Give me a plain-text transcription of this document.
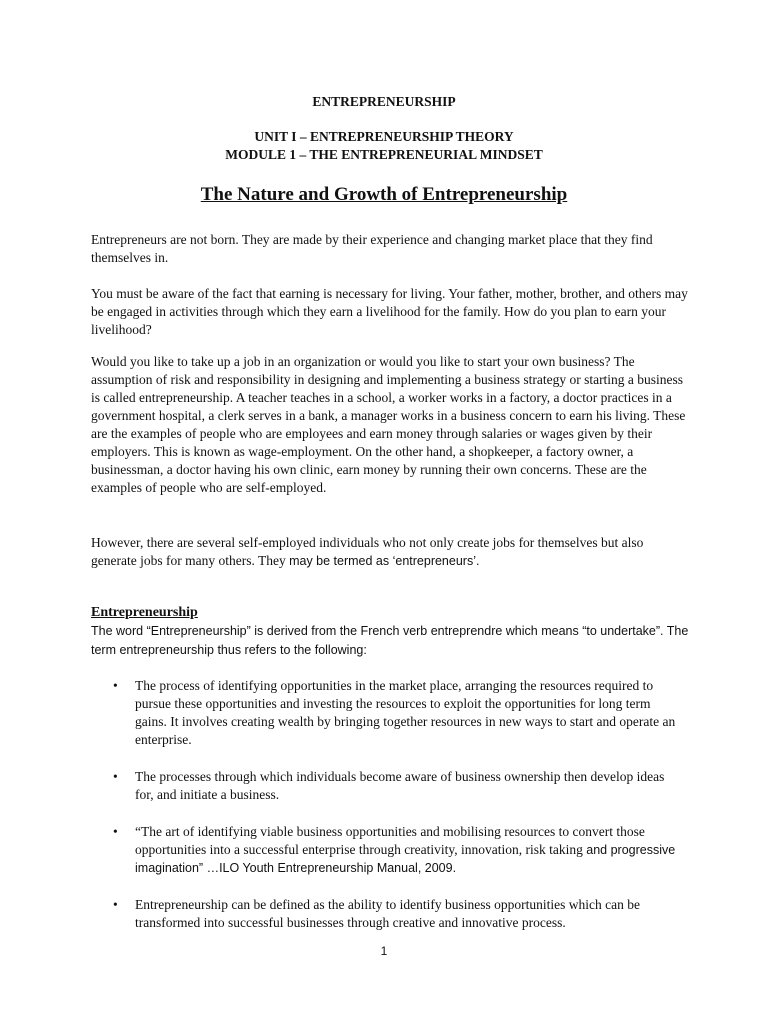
ENTREPRENEURSHIP
UNIT I – ENTREPRENEURSHIP THEORY
MODULE 1 – THE ENTREPRENEURIAL MINDSET
The Nature and Growth of Entrepreneurship

Entrepreneurs are not born. They are made by their experience and changing market place that they find themselves in.

You must be aware of the fact that earning is necessary for living. Your father, mother, brother, and others may be engaged in activities through which they earn a livelihood for the family. How do you plan to earn your livelihood?

Would you like to take up a job in an organization or would you like to start your own business? The assumption of risk and responsibility in designing and implementing a business strategy or starting a business is called entrepreneurship. A teacher teaches in a school, a worker works in a factory, a doctor practices in a government hospital, a clerk serves in a bank, a manager works in a business concern to earn his living. These are the examples of people who are employees and earn money through salaries or wages given by their employers. This is known as wage-employment. On the other hand, a shopkeeper, a factory owner, a businessman, a doctor having his own clinic, earn money by running their own concerns. These are the examples of people who are self-employed.

However, there are several self-employed individuals who not only create jobs for themselves but also generate jobs for many others. They may be termed as ‘entrepreneurs’.

Entrepreneurship

The word “Entrepreneurship” is derived from the French verb entreprendre which means “to undertake”. The term entrepreneurship thus refers to the following:

•	The process of identifying opportunities in the market place, arranging the resources required to pursue these opportunities and investing the resources to exploit the opportunities for long term gains. It involves creating wealth by bringing together resources in new ways to start and operate an enterprise.

•	The processes through which individuals become aware of business ownership then develop ideas for, and initiate a business.

•	“The art of identifying viable business opportunities and mobilising resources to convert those opportunities into a successful enterprise through creativity, innovation, risk taking and progressive imagination” …ILO Youth Entrepreneurship Manual, 2009.

•	Entrepreneurship can be defined as the ability to identify business opportunities which can be transformed into successful businesses through creative and innovative process.

1
